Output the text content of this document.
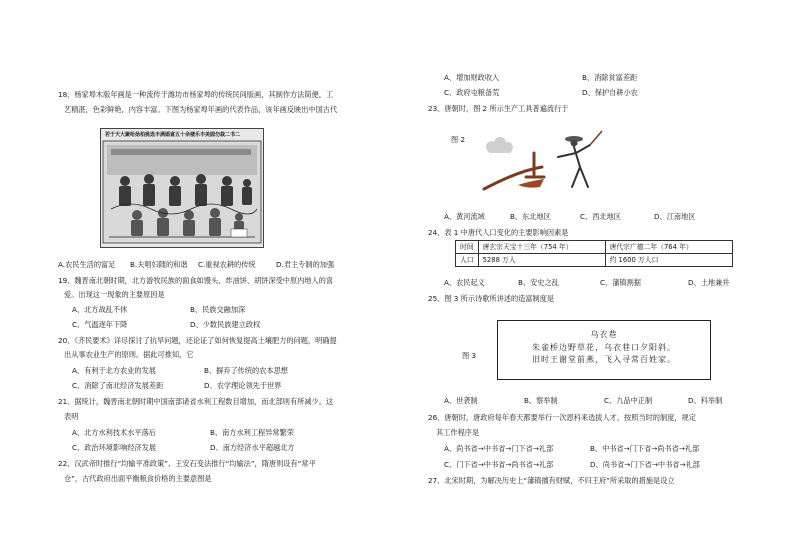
18、杨家埠木版年画是一种流传于潍坊市杨家埠的传统民间版画，其制作方法简便，工
艺精湛，色彩鲜艳，内容丰富。下图为杨家埠年画的代表作品，该年画反映出中国古代
若于天大聚哈扬柏挑选丰满婚富五十余楼乐丰美圆勿栽二书二
A.农民生活的富足 B.夫唱妇随的和谐 C.重视农耕的传统	D.君主专制的加强
19、魏晋南北朝时期，北方游牧民族的面食如馒头、炸油饼、胡饼深受中原内地人的喜
爱。出现这一现象的主要原因是
A、北方战乱不休	B、民族交融加深
C、气温逐年下降	D、少数民族建立政权
20、《齐民要术》详尽探讨了抗旱问题，还论证了如何恢复提高土壤肥力的问题，明确提
出从事农业生产的原则。据此可推知，它
A、有利于北方农业的发展	B、摒弃了传统的农本思想
C、消除了南北经济发展差距	D、农学理论领先于世界
21、据统计，魏晋南北朝时期中国南部诸省水利工程数目增加，而北部则有所减少。这
表明
A、北方水利技术水平落后	B、南方水利工程异常繁荣
C、政治环境影响经济发展	D、南方经济水平超越北方
22、汉武帝时推行“均输平准政策”、王安石变法推行“均输法”，隋唐则设有“常平
仓”，古代政府出面平衡粮食价格的主要意图是
A、增加财政收入	B、消除贫富差距
C、政府屯粮备荒	D、保护自耕小农
23、唐朝时，图 2 所示生产工具普遍流行于
图 2
A、黄河流域	B、东北地区	C、西北地区	D、江南地区
24、表 1 中唐代人口变化的主要影响因素是
时间	唐玄宗天宝十三年（754 年）	唐代宗广德二年（764 年）
人口	5288 万人	约 1600 万人口
A、农民起义	B、安史之乱	C、藩镇割据	D、土地兼并
25、图 3 所示诗歌所讲述的造富制度是
图 3
乌衣巷
朱雀桥边野草花，乌衣巷口夕阳斜。
旧时王谢堂前燕，飞入寻常百姓家。
A、世袭制	B、察举制	C、九品中正制	D、科举制
26、唐朝时，唐政府每年春天都要举行一次恩科来选拔人才，按照当时的制度，规定
其工作程序是
A、尚书省→中书省→门下省→礼部	B、中书省→门下省→尚书省→礼部
C、门下省→中书省→尚书省→礼部	D、尚书省→门下省→中书省→礼部
27、北宋时期，为解决历史上“藩镇擅有财赋，不归王府”所采取的措施是设立
